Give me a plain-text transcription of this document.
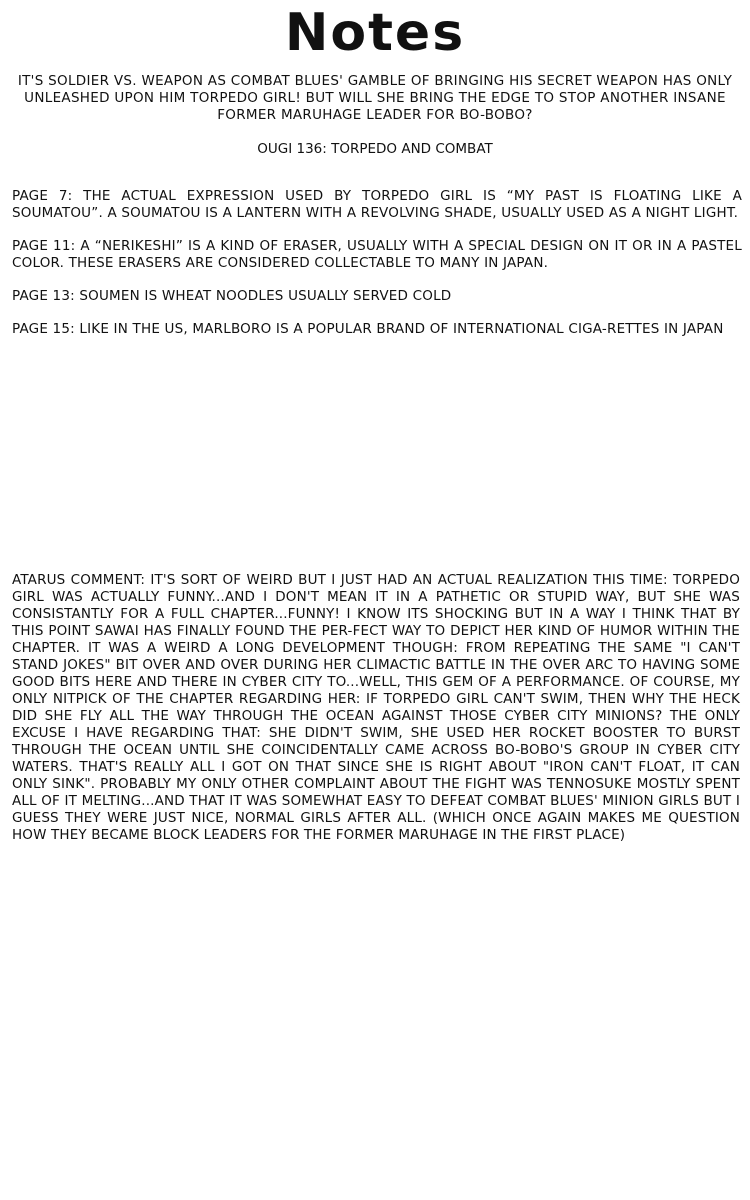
Notes

IT'S SOLDIER VS. WEAPON AS COMBAT BLUES' GAMBLE OF BRINGING HIS SECRET WEAPON HAS ONLY UNLEASHED UPON HIM TORPEDO GIRL! BUT WILL SHE BRING THE EDGE TO STOP ANOTHER INSANE FORMER MARUHAGE LEADER FOR BO-BOBO?

OUGI 136: TORPEDO AND COMBAT

PAGE 7: THE ACTUAL EXPRESSION USED BY TORPEDO GIRL IS “MY PAST IS FLOATING LIKE A SOUMATOU”. A SOUMATOU IS A LANTERN WITH A REVOLVING SHADE, USUALLY USED AS A NIGHT LIGHT.
PAGE 11: A “NERIKESHI” IS A KIND OF ERASER, USUALLY WITH A SPECIAL DESIGN ON IT OR IN A PASTEL COLOR. THESE ERASERS ARE CONSIDERED COLLECTABLE TO MANY IN JAPAN.
PAGE 13: SOUMEN IS WHEAT NOODLES USUALLY SERVED COLD
PAGE 15: LIKE IN THE US, MARLBORO IS A POPULAR BRAND OF INTERNATIONAL CIGA-RETTES IN JAPAN

ATARUS COMMENT: IT'S SORT OF WEIRD BUT I JUST HAD AN ACTUAL REALIZATION THIS TIME: TORPEDO GIRL WAS ACTUALLY FUNNY...AND I DON'T MEAN IT IN A PATHETIC OR STUPID WAY, BUT SHE WAS CONSISTANTLY FOR A FULL CHAPTER...FUNNY! I KNOW ITS SHOCKING BUT IN A WAY I THINK THAT BY THIS POINT SAWAI HAS FINALLY FOUND THE PER-FECT WAY TO DEPICT HER KIND OF HUMOR WITHIN THE CHAPTER. IT WAS A WEIRD A LONG DEVELOPMENT THOUGH: FROM REPEATING THE SAME "I CAN'T STAND JOKES" BIT OVER AND OVER DURING HER CLIMACTIC BATTLE IN THE OVER ARC TO HAVING SOME GOOD BITS HERE AND THERE IN CYBER CITY TO...WELL, THIS GEM OF A PERFORMANCE. OF COURSE, MY ONLY NITPICK OF THE CHAPTER REGARDING HER: IF TORPEDO GIRL CAN'T SWIM, THEN WHY THE HECK DID SHE FLY ALL THE WAY THROUGH THE OCEAN AGAINST THOSE CYBER CITY MINIONS? THE ONLY EXCUSE I HAVE REGARDING THAT: SHE DIDN'T SWIM, SHE USED HER ROCKET BOOSTER TO BURST THROUGH THE OCEAN UNTIL SHE COINCIDENTALLY CAME ACROSS BO-BOBO'S GROUP IN CYBER CITY WATERS. THAT'S REALLY ALL I GOT ON THAT SINCE SHE IS RIGHT ABOUT "IRON CAN'T FLOAT, IT CAN ONLY SINK". PROBABLY MY ONLY OTHER COMPLAINT ABOUT THE FIGHT WAS TENNOSUKE MOSTLY SPENT ALL OF IT MELTING...AND THAT IT WAS SOMEWHAT EASY TO DEFEAT COMBAT BLUES' MINION GIRLS BUT I GUESS THEY WERE JUST NICE, NORMAL GIRLS AFTER ALL. (WHICH ONCE AGAIN MAKES ME QUESTION HOW THEY BECAME BLOCK LEADERS FOR THE FORMER MARUHAGE IN THE FIRST PLACE)
